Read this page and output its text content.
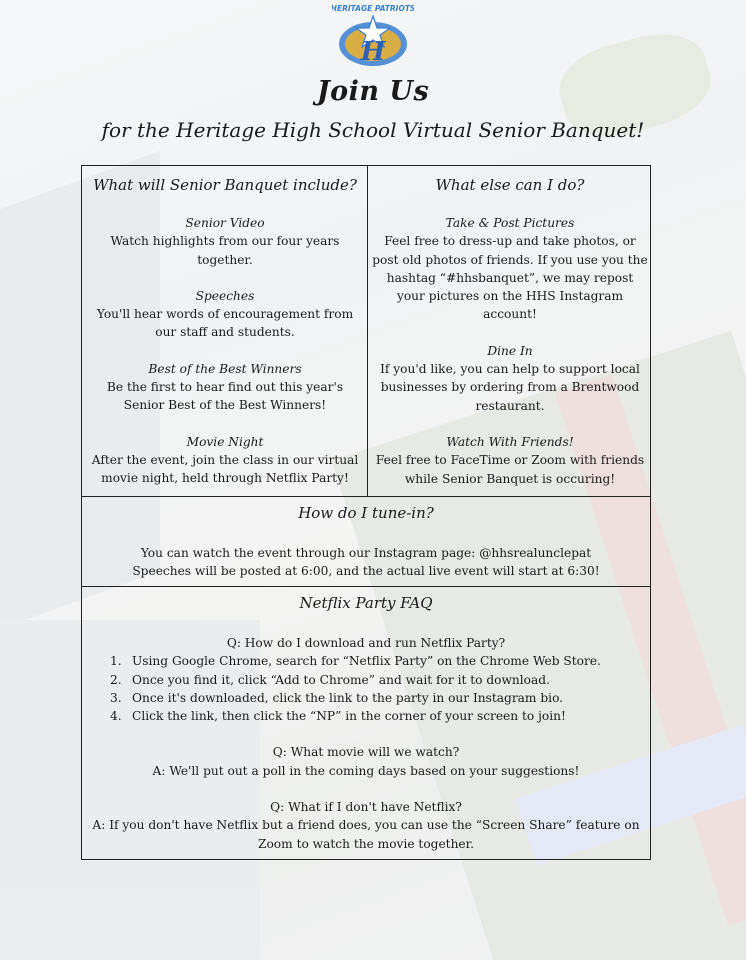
H
HERITAGE PATRIOTS
Join Us
for the Heritage High School Virtual Senior Banquet!
What will Senior Banquet include?
Senior Video
Watch highlights from our four years together.
Speeches
You'll hear words of encouragement from our staff and students.
Best of the Best Winners
Be the first to hear find out this year's Senior Best of the Best Winners!
Movie Night
After the event, join the class in our virtual movie night, held through Netflix Party!
What else can I do?
Take & Post Pictures
Feel free to dress-up and take photos, or post old photos of friends. If you use you the hashtag “#hhsbanquet”, we may repost your pictures on the HHS Instagram account!
Dine In
If you'd like, you can help to support local businesses by ordering from a Brentwood restaurant.
Watch With Friends!
Feel free to FaceTime or Zoom with friends while Senior Banquet is occuring!
How do I tune-in?
You can watch the event through our Instagram page: @hhsrealunclepat
Speeches will be posted at 6:00, and the actual live event will start at 6:30!
Netflix Party FAQ
Q: How do I download and run Netflix Party?
1. Using Google Chrome, search for “Netflix Party” on the Chrome Web Store.
2. Once you find it, click “Add to Chrome” and wait for it to download.
3. Once it's downloaded, click the link to the party in our Instagram bio.
4. Click the link, then click the “NP” in the corner of your screen to join!
Q: What movie will we watch?
A: We'll put out a poll in the coming days based on your suggestions!
Q: What if I don't have Netflix?
A: If you don't have Netflix but a friend does, you can use the “Screen Share” feature on Zoom to watch the movie together.
